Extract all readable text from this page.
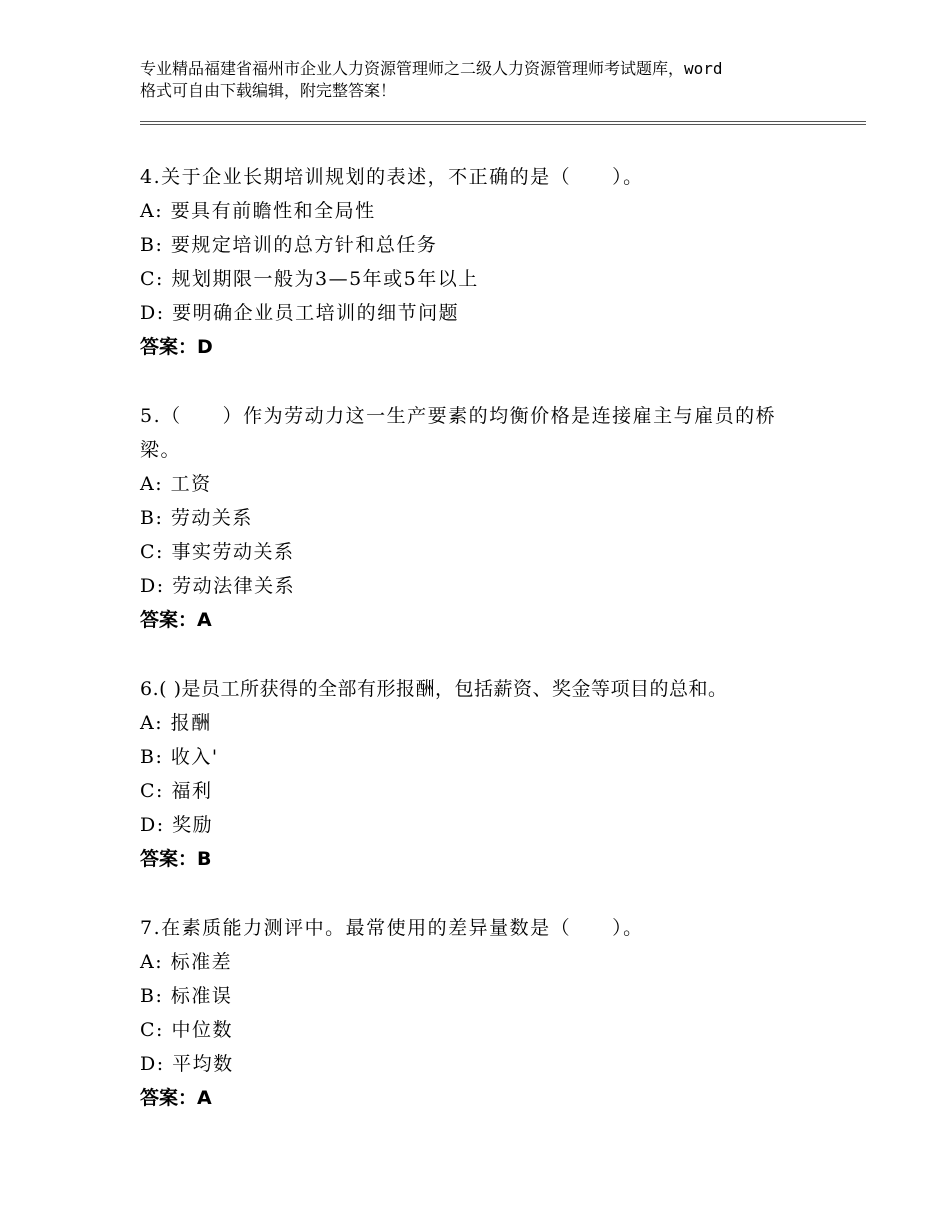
专业精品福建省福州市企业人力资源管理师之二级人力资源管理师考试题库，word
格式可自由下载编辑，附完整答案！

4.关于企业长期培训规划的表述，不正确的是（　　）。

A: 要具有前瞻性和全局性

B: 要规定培训的总方针和总任务

C: 规划期限一般为3—5年或5年以上

D: 要明确企业员工培训的细节问题

答案：D

5.（　　）作为劳动力这一生产要素的均衡价格是连接雇主与雇员的桥梁。

A: 工资

B: 劳动关系

C: 事实劳动关系

D: 劳动法律关系

答案：A

6.( )是员工所获得的全部有形报酬，包括薪资、奖金等项目的总和。

A: 报酬

B: 收入'

C: 福利

D: 奖励

答案：B

7.在素质能力测评中。最常使用的差异量数是（　　）。

A: 标准差

B: 标准误

C: 中位数

D: 平均数

答案：A
